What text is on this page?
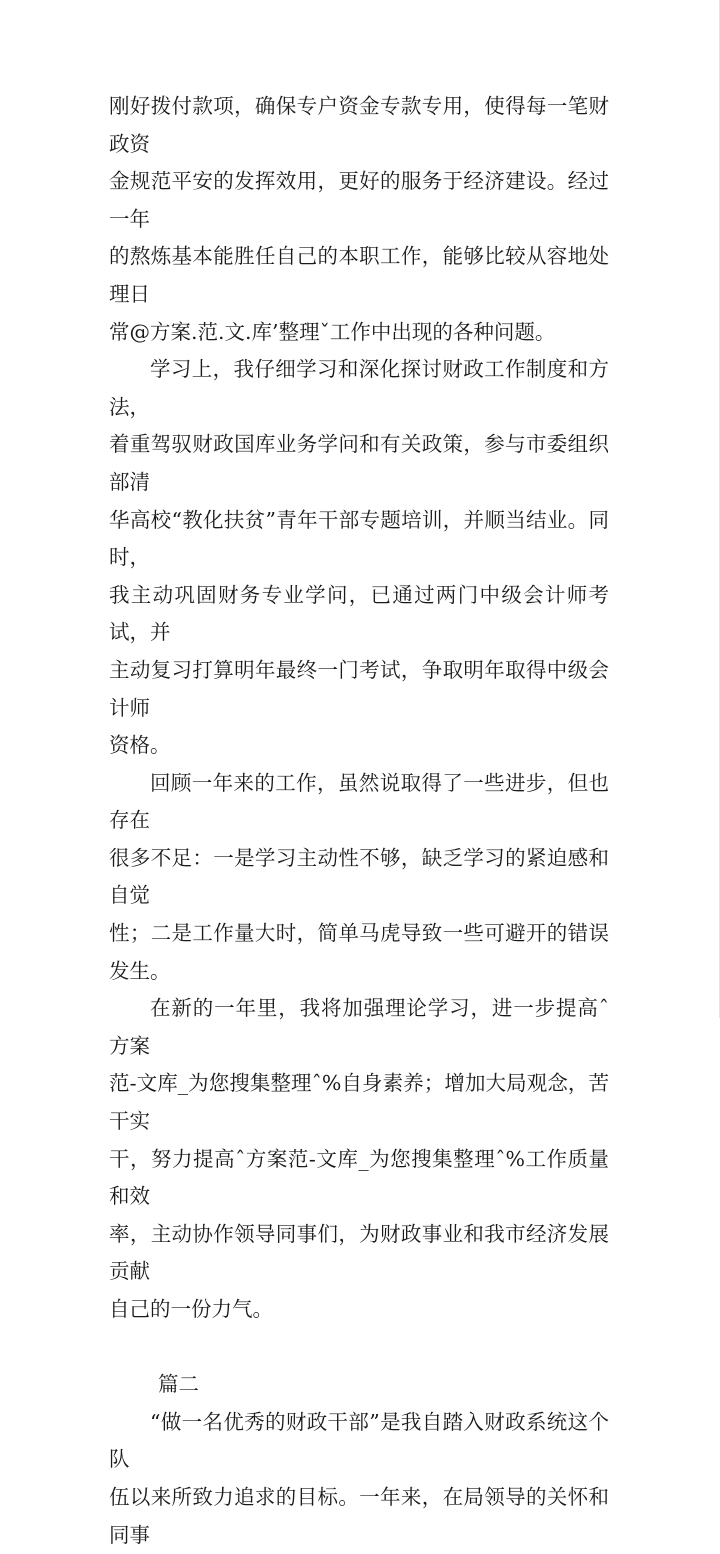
刚好拨付款项，确保专户资金专款专用，使得每一笔财政资
金规范平安的发挥效用，更好的服务于经济建设。经过一年
的熬炼基本能胜任自己的本职工作，能够比较从容地处理日
常@方案.范.文.库’整理ˇ工作中出现的各种问题。
学习上，我仔细学习和深化探讨财政工作制度和方法，
着重驾驭财政国库业务学问和有关政策，参与市委组织部清
华高校“教化扶贫”青年干部专题培训，并顺当结业。同时，
我主动巩固财务专业学问，已通过两门中级会计师考试，并
主动复习打算明年最终一门考试，争取明年取得中级会计师
资格。
回顾一年来的工作，虽然说取得了一些进步，但也存在
很多不足：一是学习主动性不够，缺乏学习的紧迫感和自觉
性；二是工作量大时，简单马虎导致一些可避开的错误发生。
在新的一年里，我将加强理论学习，进一步提高ˆ方案
范-文库_为您搜集整理ˆ%自身素养；增加大局观念，苦干实
干，努力提高ˆ方案范-文库_为您搜集整理ˆ%工作质量和效
率，主动协作领导同事们，为财政事业和我市经济发展贡献
自己的一份力气。
篇二
“做一名优秀的财政干部”是我自踏入财政系统这个队
伍以来所致力追求的目标。一年来，在局领导的关怀和同事
